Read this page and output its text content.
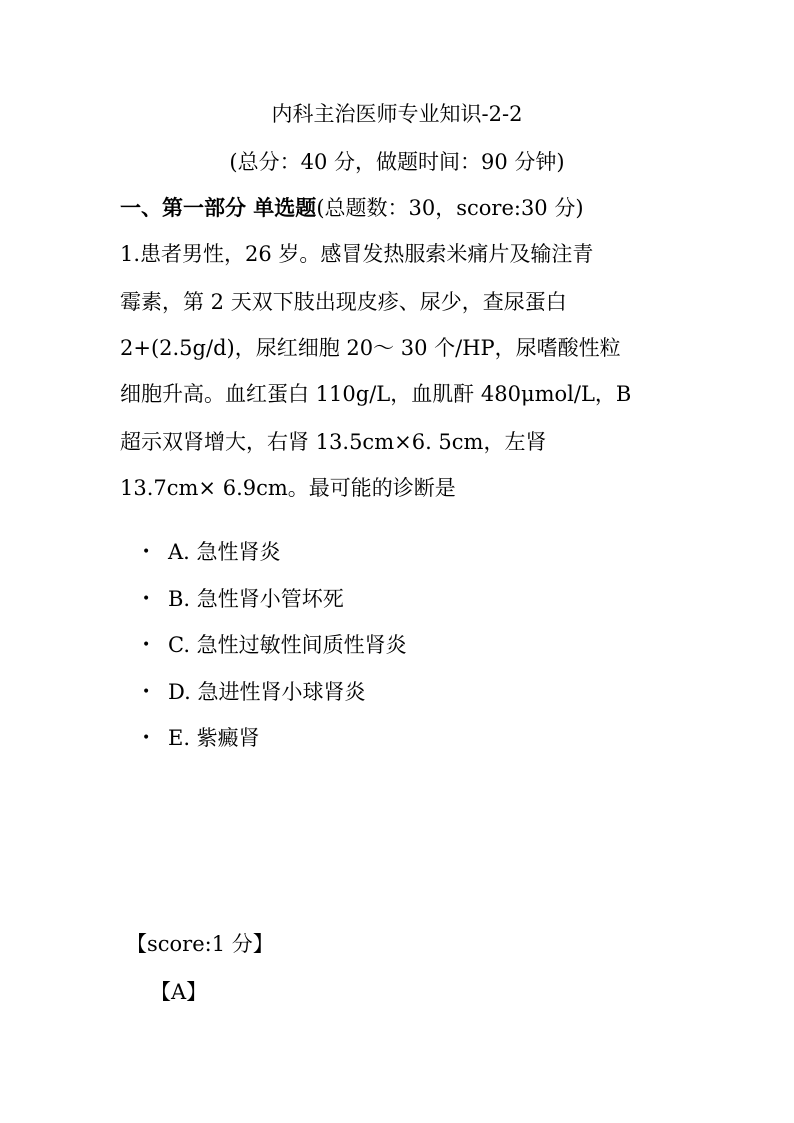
内科主治医师专业知识-2-2
(总分：40 分，做题时间：90 分钟)
一、第一部分 单选题(总题数：30，score:30 分)
1.患者男性，26 岁。感冒发热服索米痛片及输注青
霉素，第 2 天双下肢出现皮疹、尿少，查尿蛋白
2+(2.5g/d)，尿红细胞 20～ 30 个/HP，尿嗜酸性粒
细胞升高。血红蛋白 110g/L，血肌酐 480μmol/L，B
超示双肾增大，右肾 13.5cm×6. 5cm，左肾
13.7cm× 6.9cm。最可能的诊断是
• A. 急性肾炎
• B. 急性肾小管坏死
• C. 急性过敏性间质性肾炎
• D. 急进性肾小球肾炎
• E. 紫癜肾
【score:1 分】
【A】
